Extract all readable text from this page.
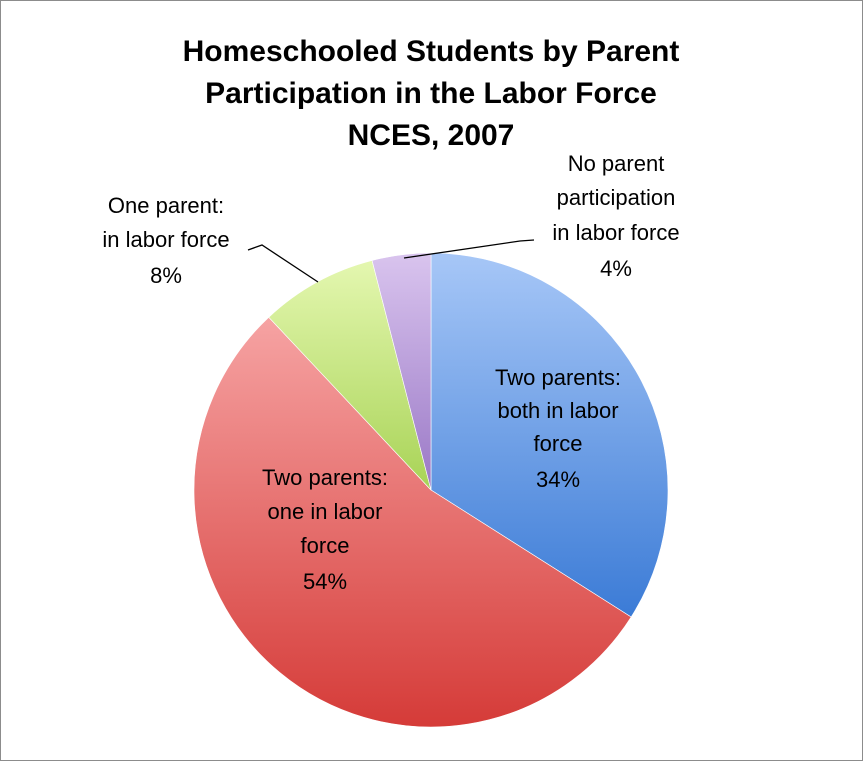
Homeschooled Students by Parent
Participation in the Labor Force
NCES, 2007
Two parents:
both in labor
force
34%
Two parents:
one in labor
force
54%
One parent:
in labor force
8%
No parent
participation
in labor force
4%
